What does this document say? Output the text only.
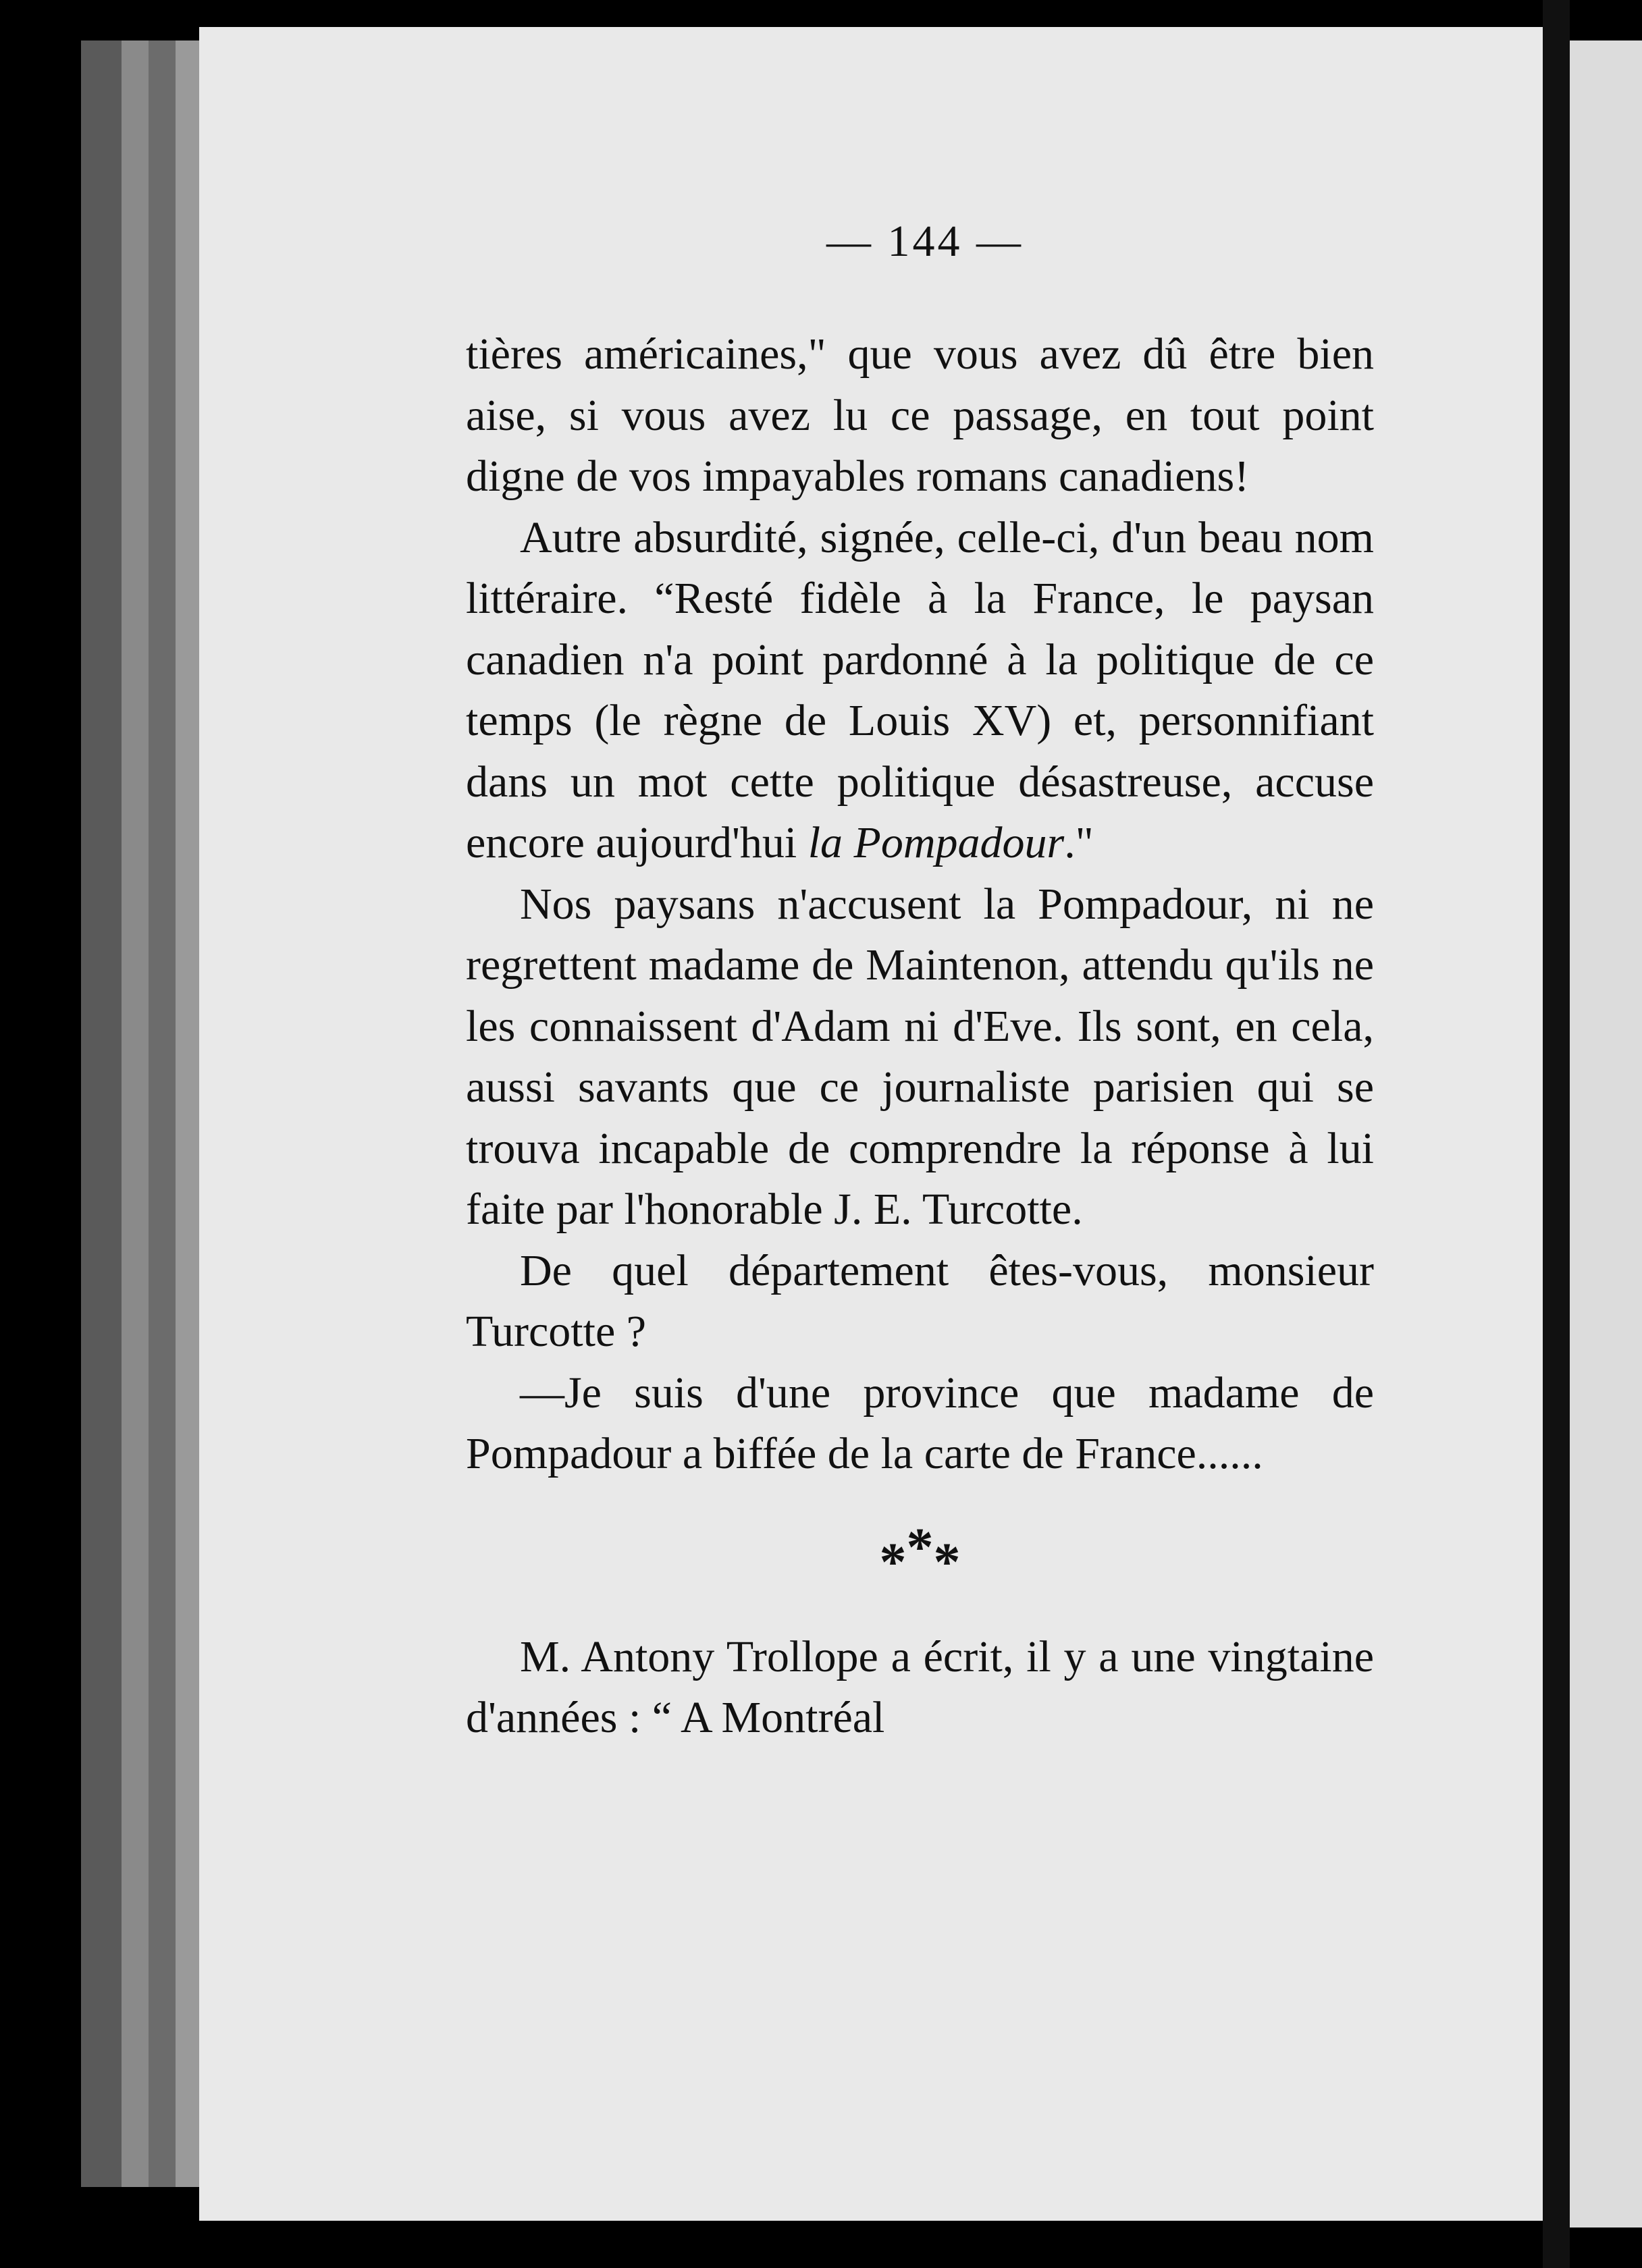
— 144 —

tières américaines," que vous avez dû être bien aise, si vous avez lu ce passage, en tout point digne de vos impayables romans canadiens!

Autre absurdité, signée, celle-ci, d'un beau nom littéraire. “Resté fidèle à la France, le paysan canadien n'a point pardonné à la politique de ce temps (le règne de Louis XV) et, personnifiant dans un mot cette politique désastreuse, accuse encore aujourd'hui la Pompadour."

Nos paysans n'accusent la Pompadour, ni ne regrettent madame de Maintenon, attendu qu'ils ne les connaissent d'Adam ni d'Eve. Ils sont, en cela, aussi savants que ce journaliste parisien qui se trouva incapable de comprendre la réponse à lui faite par l'honorable J. E. Turcotte.

De quel département êtes-vous, monsieur Turcotte ?

—Je suis d'une province que madame de Pompadour a biffée de la carte de France......

***

M. Antony Trollope a écrit, il y a une vingtaine d'années : “ A Montréal
